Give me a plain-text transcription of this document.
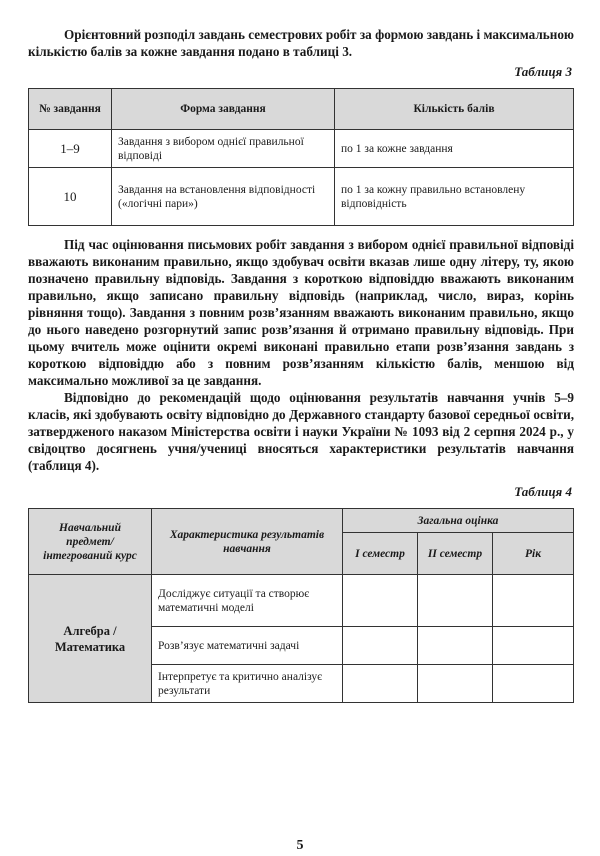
Орієнтовний розподіл завдань семестрових робіт за формою завдань і максимальною кількістю балів за кожне завдання подано в таблиці 3.

Таблиця 3
№ завдання	Форма завдання	Кількість балів
1–9	Завдання з вибором однієї правильної відповіді	по 1 за кожне завдання
10	Завдання на встановлення відповідності («логічні пари»)	по 1 за кожну правильно встановлену відповідність

Під час оцінювання письмових робіт завдання з вибором однієї правильної відповіді вважають виконаним правильно, якщо здобувач освіти вказав лише одну літеру, ту, якою позначено правильну відповідь. Завдання з короткою відповіддю вважають виконаним правильно, якщо записано правильну відповідь (наприклад, число, вираз, корінь рівняння тощо). Завдання з повним розв’язанням вважають виконаним правильно, якщо до нього наведено розгорнутий запис розв’язання й отримано правильну відповідь. При цьому вчитель може оцінити окремі виконані правильно етапи розв’язання завдань з короткою відповіддю або з повним розв’язанням кількістю балів, меншою від максимально можливої за це завдання.

Відповідно до рекомендацій щодо оцінювання результатів навчання учнів 5–9 класів, які здобувають освіту відповідно до Державного стандарту базової середньої освіти, затвердженого наказом Міністерства освіти і науки України № 1093 від 2 серпня 2024 р., у свідоцтво досягнень учня/учениці вносяться характеристики результатів навчання (таблиця 4).

Таблиця 4
Навчальний предмет/ інтегрований курс	Характеристика результатів навчання	Загальна оцінка		
		I семестр	II семестр	Рік
Алгебра / Математика	Досліджує ситуації та створює математичні моделі			
	Розв’язує математичні задачі			
	Інтерпретує та критично аналізує результати			
5
